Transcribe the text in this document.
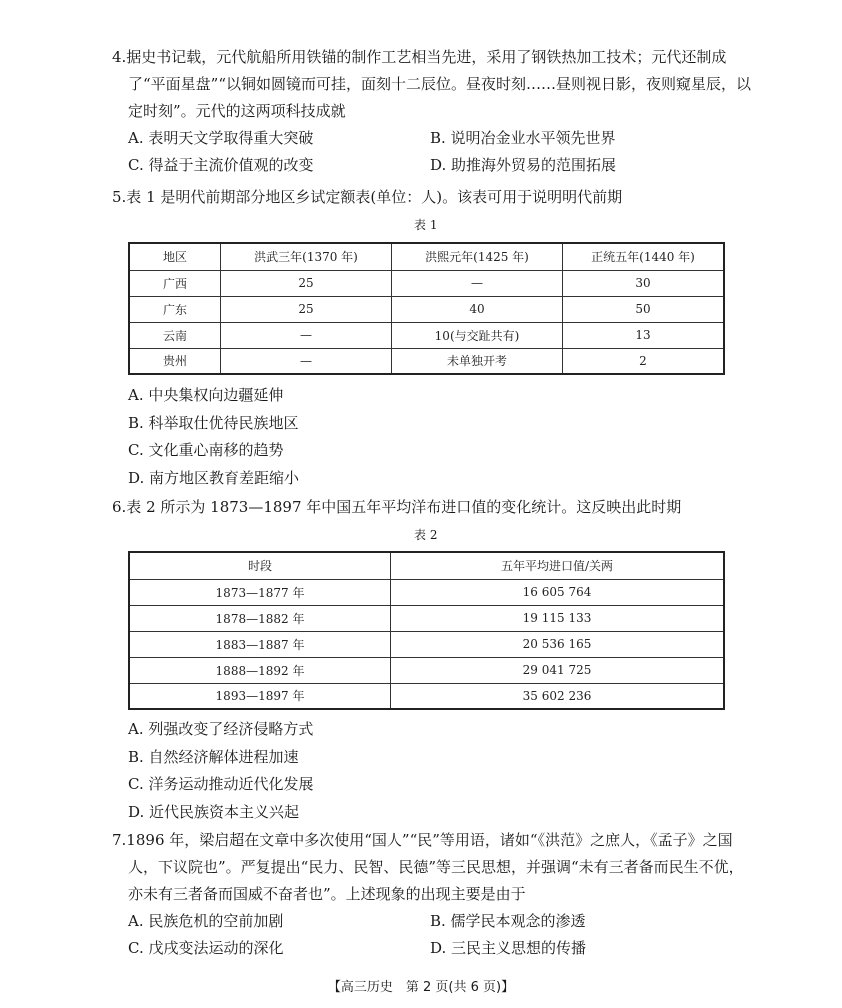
4.据史书记载，元代航船所用铁锚的制作工艺相当先进，采用了钢铁热加工技术；元代还制成了“平面星盘”“以铜如圆镜而可挂，面刻十二辰位。昼夜时刻……昼则视日影，夜则窥星辰，以定时刻”。元代的这两项科技成就
A. 表明天文学取得重大突破	B. 说明冶金业水平领先世界
C. 得益于主流价值观的改变	D. 助推海外贸易的范围拓展
5.表 1 是明代前期部分地区乡试定额表(单位：人)。该表可用于说明明代前期
表 1
地区	洪武三年(1370 年)	洪熙元年(1425 年)	正统五年(1440 年)
广西	25	—	30
广东	25	40	50
云南	—	10(与交趾共有)	13
贵州	—	未单独开考	2
A. 中央集权向边疆延伸
B. 科举取仕优待民族地区
C. 文化重心南移的趋势
D. 南方地区教育差距缩小
6.表 2 所示为 1873—1897 年中国五年平均洋布进口值的变化统计。这反映出此时期
表 2
时段	五年平均进口值/关两
1873—1877 年	16 605 764
1878—1882 年	19 115 133
1883—1887 年	20 536 165
1888—1892 年	29 041 725
1893—1897 年	35 602 236
A. 列强改变了经济侵略方式
B. 自然经济解体进程加速
C. 洋务运动推动近代化发展
D. 近代民族资本主义兴起
7.1896 年，梁启超在文章中多次使用“国人”“民”等用语，诸如“《洪范》之庶人，《孟子》之国人，下议院也”。严复提出“民力、民智、民德”等三民思想，并强调“未有三者备而民生不优，亦未有三者备而国威不奋者也”。上述现象的出现主要是由于
A. 民族危机的空前加剧	B. 儒学民本观念的渗透
C. 戊戌变法运动的深化	D. 三民主义思想的传播
【高三历史　第 2 页(共 6 页)】
